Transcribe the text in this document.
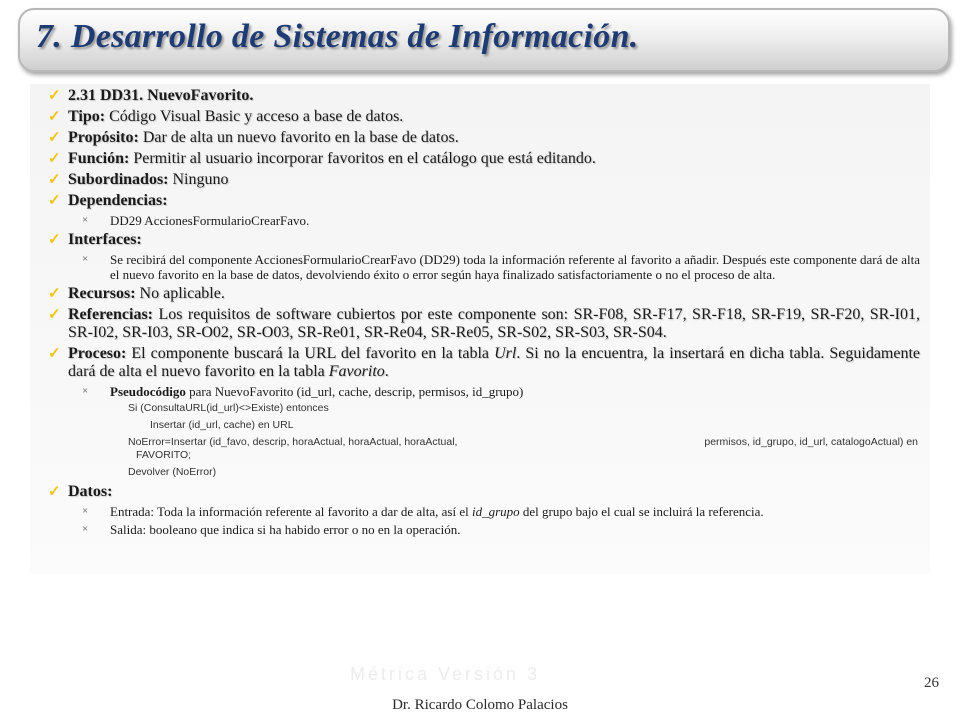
7. Desarrollo de Sistemas de Información.
✓ 2.31 DD31. NuevoFavorito.
✓ Tipo: Código Visual Basic y acceso a base de datos.
✓ Propósito: Dar de alta un nuevo favorito en la base de datos.
✓ Función: Permitir al usuario incorporar favoritos en el catálogo que está editando.
✓ Subordinados: Ninguno
✓ Dependencias:
× DD29 AccionesFormularioCrearFavo.
✓ Interfaces:
× Se recibirá del componente AccionesFormularioCrearFavo (DD29) toda la información referente al favorito a añadir. Después este componente dará de alta el nuevo favorito en la base de datos, devolviendo éxito o error según haya finalizado satisfactoriamente o no el proceso de alta.
✓ Recursos: No aplicable.
✓ Referencias: Los requisitos de software cubiertos por este componente son: SR-F08, SR-F17, SR-F18, SR-F19, SR-F20, SR-I01, SR-I02, SR-I03, SR-O02, SR-O03, SR-Re01, SR-Re04, SR-Re05, SR-S02, SR-S03, SR-S04.
✓ Proceso: El componente buscará la URL del favorito en la tabla Url. Si no la encuentra, la insertará en dicha tabla. Seguidamente dará de alta el nuevo favorito en la tabla Favorito.
× Pseudocódigo para NuevoFavorito (id_url, cache, descrip, permisos, id_grupo)
Si (ConsultaURL(id_url)<>Existe) entonces
Insertar (id_url, cache) en URL
NoError=Insertar (id_favo, descrip, horaActual, horaActual, horaActual,	permisos, id_grupo, id_url, catalogoActual) en
FAVORITO;
Devolver (NoError)
✓ Datos:
× Entrada: Toda la información referente al favorito a dar de alta, así el id_grupo del grupo bajo el cual se incluirá la referencia.
× Salida: booleano que indica si ha habido error o no en la operación.
Métrica Versión 3	26
Dr. Ricardo Colomo Palacios
